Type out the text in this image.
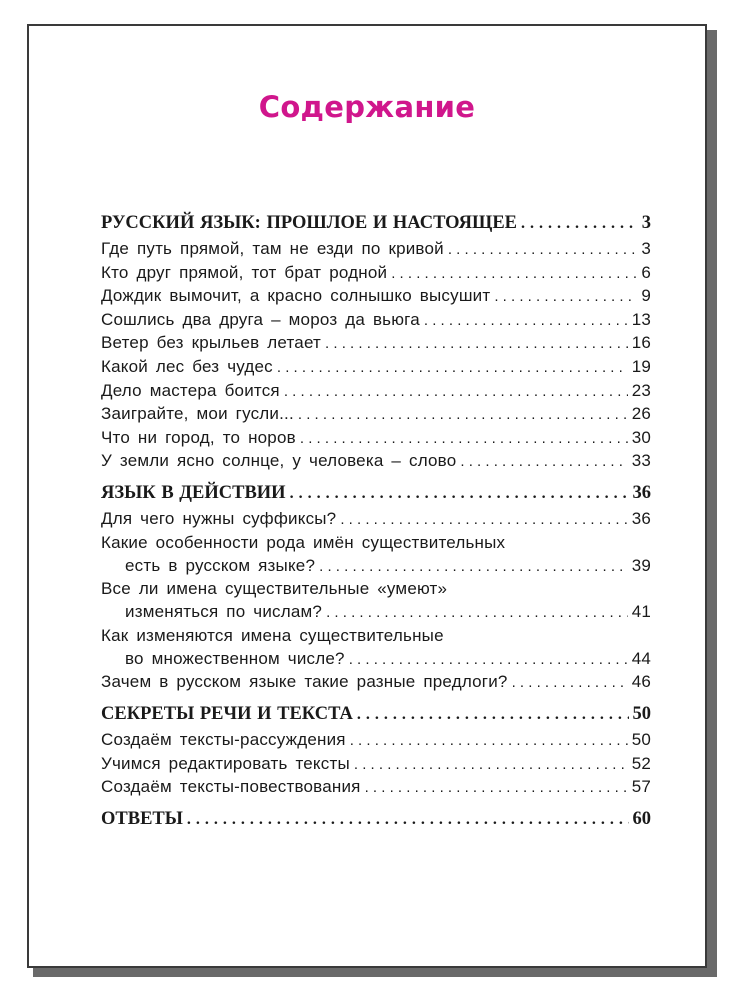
Содержание
РУССКИЙ ЯЗЫК: ПРОШЛОЕ И НАСТОЯЩЕЕ . . .	3
Где путь прямой, там не езди по кривой . . .	3
Кто друг прямой, тот брат родной . . .	6
Дождик вымочит, а красно солнышко высушит . . .	9
Сошлись два друга – мороз да вьюга . . .	13
Ветер без крыльев летает . . .	16
Какой лес без чудес . . .	19
Дело мастера боится . . .	23
Заиграйте, мои гусли... . . .	26
Что ни город, то норов . . .	30
У земли ясно солнце, у человека – слово . . .	33
ЯЗЫК В ДЕЙСТВИИ . . .	36
Для чего нужны суффиксы? . . .	36
Какие особенности рода имён существительных
есть в русском языке? . . .	39
Все ли имена существительные «умеют»
изменяться по числам? . . .	41
Как изменяются имена существительные
во множественном числе? . . .	44
Зачем в русском языке такие разные предлоги? . . .	46
СЕКРЕТЫ РЕЧИ И ТЕКСТА . . .	50
Создаём тексты-рассуждения . . .	50
Учимся редактировать тексты . . .	52
Создаём тексты-повествования . . .	57
ОТВЕТЫ . . .	60
